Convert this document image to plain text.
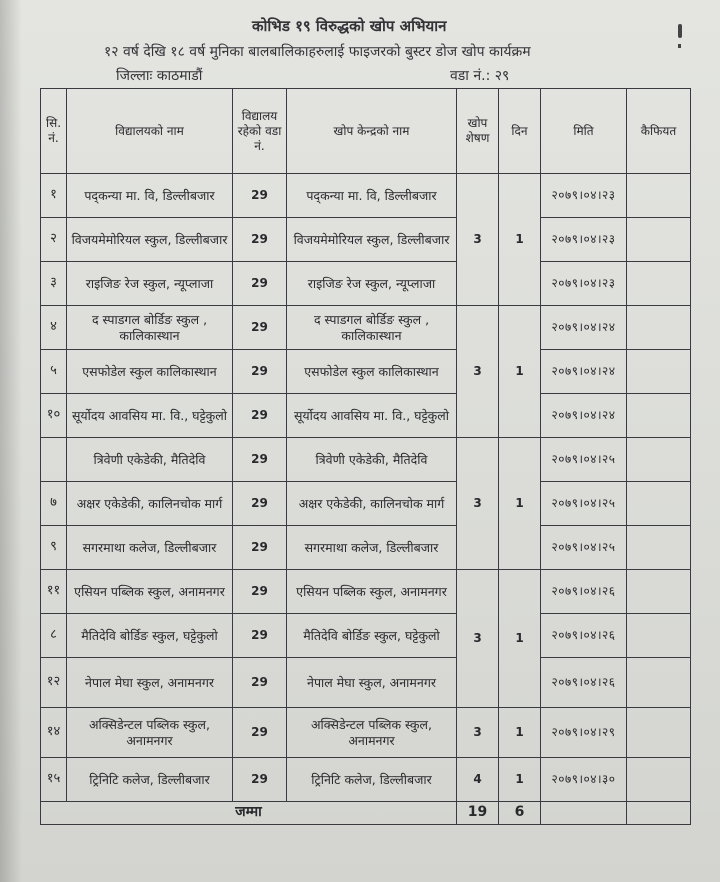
कोभिड १९ विरुद्धको खोप अभियान
१२ वर्ष देखि १८ वर्ष मुनिका बालबालिकाहरुलाई फाइजरको बुस्टर डोज खोप कार्यक्रम
जिल्लाः काठमाडौं	वडा नं.: २९
सि. नं.	विद्यालयको नाम	विद्यालय रहेको वडा नं.	खोप केन्द्रको नाम	खोप शेषण	दिन	मिति	कैफियत
१	पद्कन्या मा. वि, डिल्लीबजार	29	पद्कन्या मा. वि, डिल्लीबजार	3	1	२०७९।०४।२३	
२	विजयमेमोरियल स्कुल, डिल्लीबजार	29	विजयमेमोरियल स्कुल, डिल्लीबजार			२०७९।०४।२३	
३	राइजिङ रेज स्कुल, न्यूप्लाजा	29	राइजिङ रेज स्कुल, न्यूप्लाजा			२०७९।०४।२३	
४	द स्पाडगल बोर्डिङ स्कुल , कालिकास्थान	29	द स्पाडगल बोर्डिङ स्कुल , कालिकास्थान	3	1	२०७९।०४।२४	
५	एसफोडेल स्कुल कालिकास्थान	29	एसफोडेल स्कुल कालिकास्थान			२०७९।०४।२४	
१०	सूर्योदय आवसिय मा. वि., घट्टेकुलो	29	सूर्योदय आवसिय मा. वि., घट्टेकुलो			२०७९।०४।२४	
	त्रिवेणी एकेडेकी, मैतिदेवि	29	त्रिवेणी एकेडेकी, मैतिदेवि	3	1	२०७९।०४।२५	
७	अक्षर एकेडेकी, कालिनचोक मार्ग	29	अक्षर एकेडेकी, कालिनचोक मार्ग			२०७९।०४।२५	
९	सगरमाथा कलेज, डिल्लीबजार	29	सगरमाथा कलेज, डिल्लीबजार			२०७९।०४।२५	
११	एसियन पब्लिक स्कुल, अनामनगर	29	एसियन पब्लिक स्कुल, अनामनगर	3	1	२०७९।०४।२६	
८	मैतिदेवि बोर्डिङ स्कुल, घट्टेकुलो	29	मैतिदेवि बोर्डिङ स्कुल, घट्टेकुलो			२०७९।०४।२६	
१२	नेपाल मेघा स्कुल, अनामनगर	29	नेपाल मेघा स्कुल, अनामनगर			२०७९।०४।२६	
१४	अक्सिडेन्टल पब्लिक स्कुल, अनामनगर	29	अक्सिडेन्टल पब्लिक स्कुल, अनामनगर	3	1	२०७९।०४।२९	
१५	ट्रिनिटि कलेज, डिल्लीबजार	29	ट्रिनिटि कलेज, डिल्लीबजार	4	1	२०७९।०४।३०	
जम्मा				19	6		
